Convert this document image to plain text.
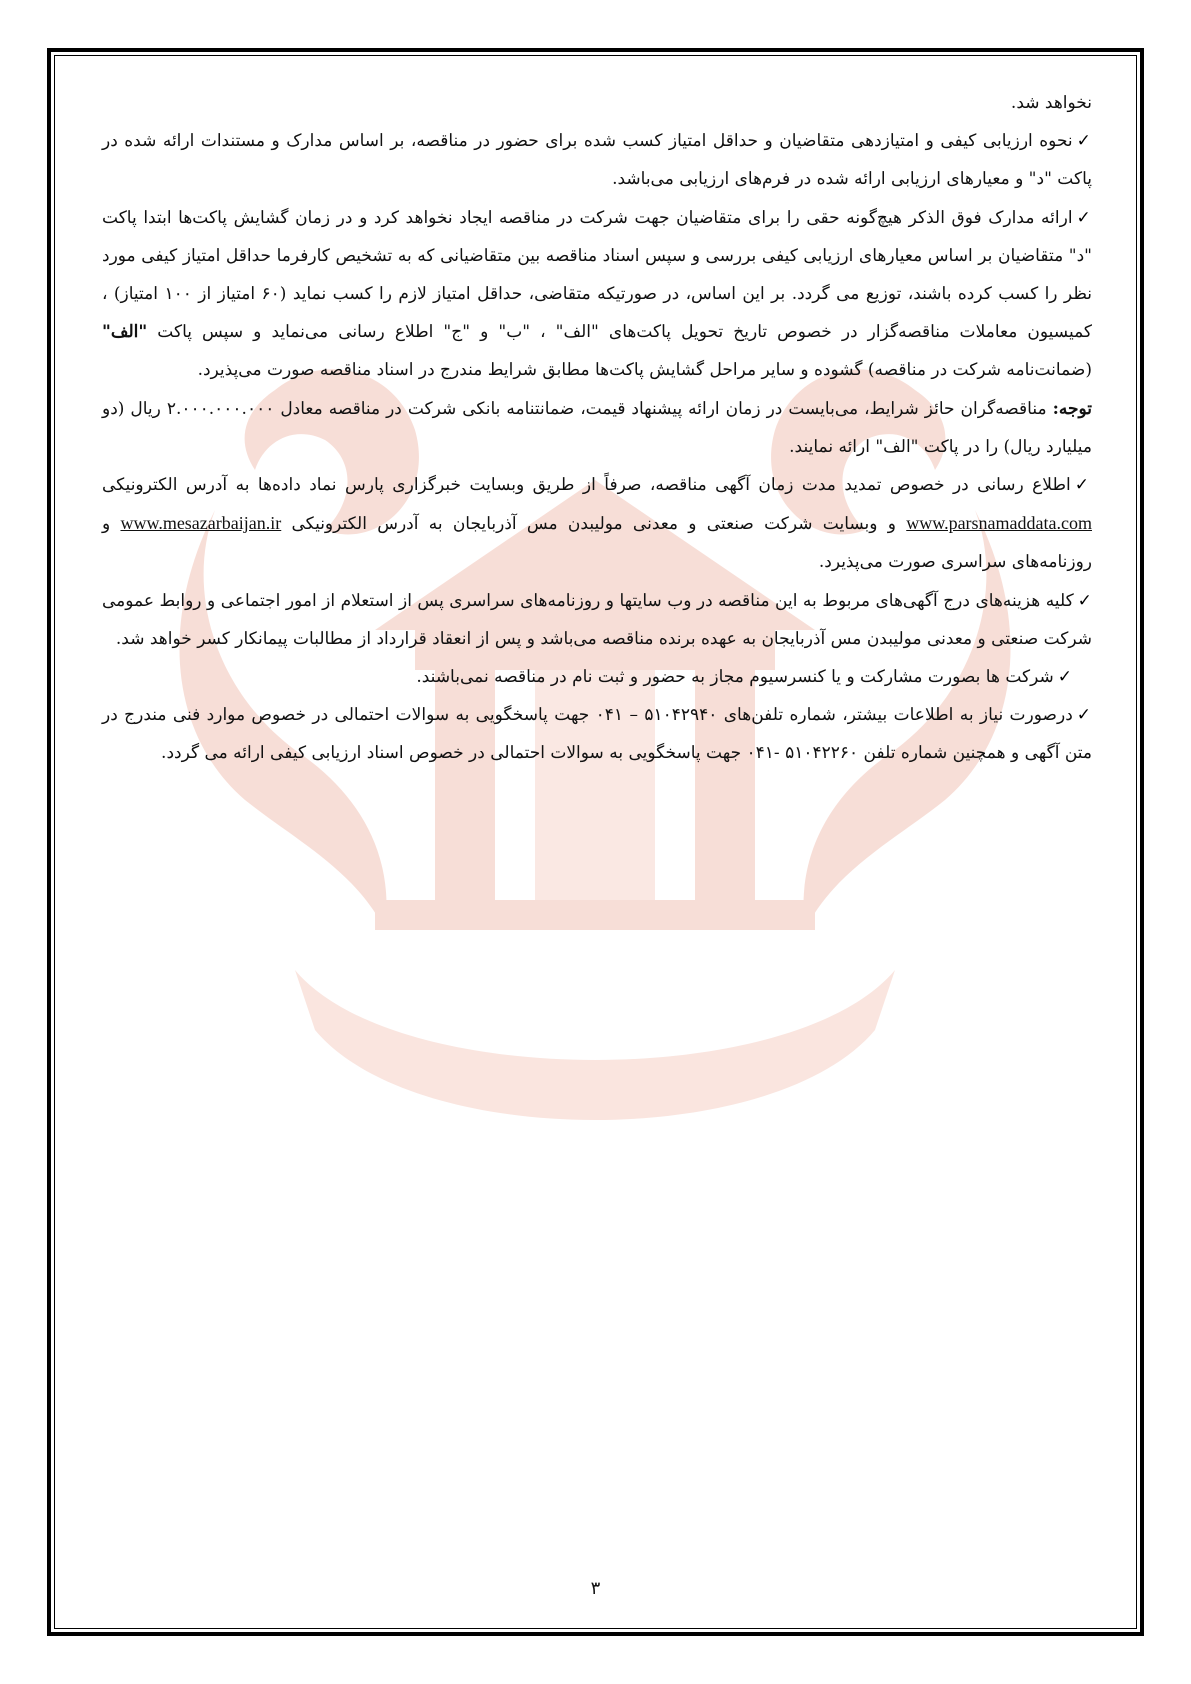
نخواهد شد.

✓نحوه ارزیابی کیفی و امتیازدهی متقاضیان و حداقل امتیاز کسب شده برای حضور در مناقصه، بر اساس مدارک و مستندات ارائه شده در پاکت "د" و معیارهای ارزیابی ارائه شده در فرم‌های ارزیابی می‌باشد.

✓ارائه مدارک فوق الذکر هیچ‌گونه حقی را برای متقاضیان جهت شرکت در مناقصه ایجاد نخواهد کرد و در زمان گشایش پاکت‌ها ابتدا پاکت "د" متقاضیان بر اساس معیارهای ارزیابی کیفی بررسی و سپس اسناد مناقصه بین متقاضیانی که به تشخیص کارفرما حداقل امتیاز کیفی مورد نظر را کسب کرده باشند، توزیع می گردد. بر این اساس، در صورتیکه متقاضی، حداقل امتیاز لازم را کسب نماید (۶۰ امتیاز از ۱۰۰ امتیاز) ، کمیسیون معاملات مناقصه‌گزار در خصوص تاریخ تحویل پاکت‌های "الف" ، "ب" و "ج" اطلاع رسانی می‌نماید و سپس پاکت "الف" (ضمانت‌نامه شرکت در مناقصه) گشوده و سایر مراحل گشایش پاکت‌ها مطابق شرایط مندرج در اسناد مناقصه صورت می‌پذیرد.

توجه: مناقصه‌گران حائز شرایط، می‌بایست در زمان ارائه پیشنهاد قیمت، ضمانتنامه بانکی شرکت در مناقصه معادل ۲.۰۰۰.۰۰۰.۰۰۰ ریال (دو میلیارد ریال) را در پاکت "الف" ارائه نمایند.

✓اطلاع رسانی در خصوص تمدید مدت زمان آگهی مناقصه، صرفاً از طریق وبسایت خبرگزاری پارس نماد داده‌ها به آدرس الکترونیکی www.parsnamaddata.com و وبسایت شرکت صنعتی و معدنی مولیبدن مس آذربایجان به آدرس الکترونیکی www.mesazarbaijan.ir و روزنامه‌های سراسری صورت می‌پذیرد.

✓کلیه هزینه‌های درج آگهی‌های مربوط به این مناقصه در وب سایتها و روزنامه‌های سراسری پس از استعلام از امور اجتماعی و روابط عمومی شرکت صنعتی و معدنی مولیبدن مس آذربایجان به عهده برنده مناقصه می‌باشد و پس از انعقاد قرارداد از مطالبات پیمانکار کسر خواهد شد.

✓شرکت ها بصورت مشارکت و یا کنسرسیوم مجاز به حضور و ثبت نام در مناقصه نمی‌باشند.

✓درصورت نیاز به اطلاعات بیشتر، شماره تلفن‌های ۵۱۰۴۲۹۴۰ – ۰۴۱ جهت پاسخگویی به سوالات احتمالی در خصوص موارد فنی مندرج در متن آگهی و همچنین شماره تلفن ۵۱۰۴۲۲۶۰ -۰۴۱ جهت پاسخگویی به سوالات احتمالی در خصوص اسناد ارزیابی کیفی ارائه می گردد.

۳
